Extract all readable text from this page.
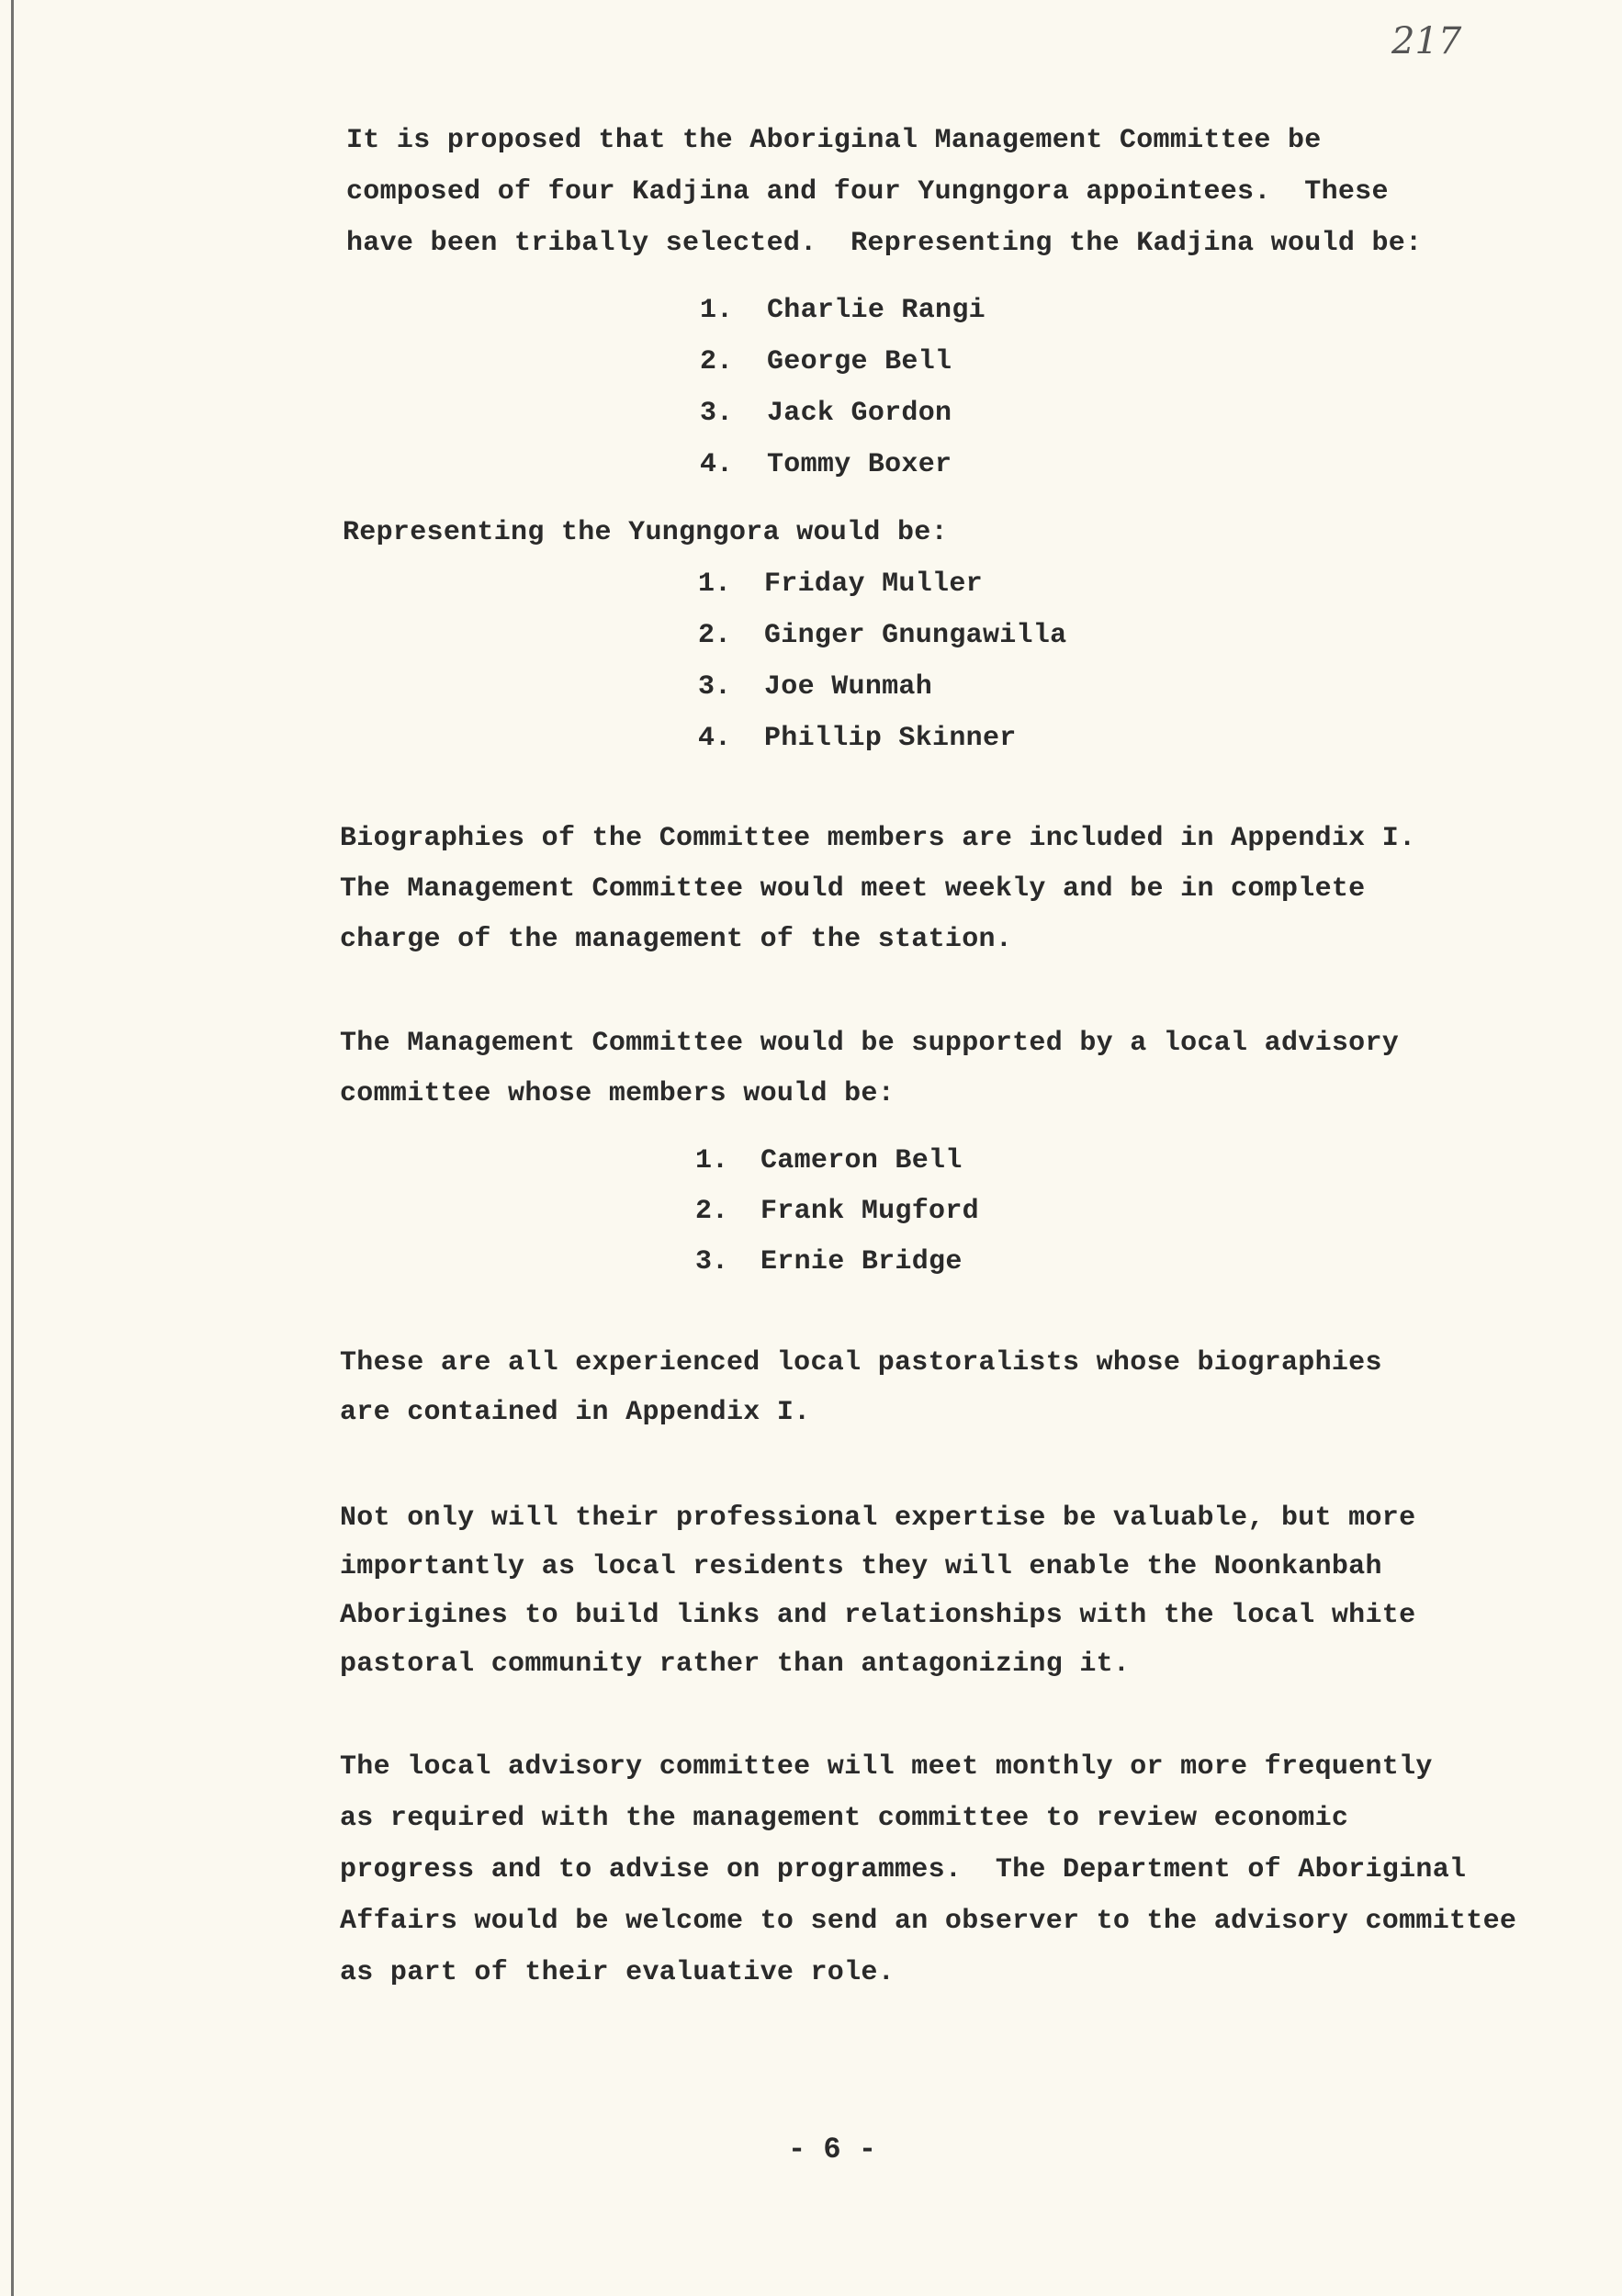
217
It is proposed that the Aboriginal Management Committee be
composed of four Kadjina and four Yungngora appointees.  These
have been tribally selected.  Representing the Kadjina would be:
Representing the Yungngora would be:
Biographies of the Committee members are included in Appendix I.
The Management Committee would meet weekly and be in complete
charge of the management of the station.
The Management Committee would be supported by a local advisory
committee whose members would be:
These are all experienced local pastoralists whose biographies
are contained in Appendix I.
Not only will their professional expertise be valuable, but more
importantly as local residents they will enable the Noonkanbah
Aborigines to build links and relationships with the local white
pastoral community rather than antagonizing it.
The local advisory committee will meet monthly or more frequently
as required with the management committee to review economic
progress and to advise on programmes.  The Department of Aboriginal
Affairs would be welcome to send an observer to the advisory committee
as part of their evaluative role.
1. Charlie Rangi
2. George Bell
3. Jack Gordon
4. Tommy Boxer
1. Friday Muller
2. Ginger Gnungawilla
3. Joe Wunmah
4. Phillip Skinner
1. Cameron Bell
2. Frank Mugford
3. Ernie Bridge
- 6 -
